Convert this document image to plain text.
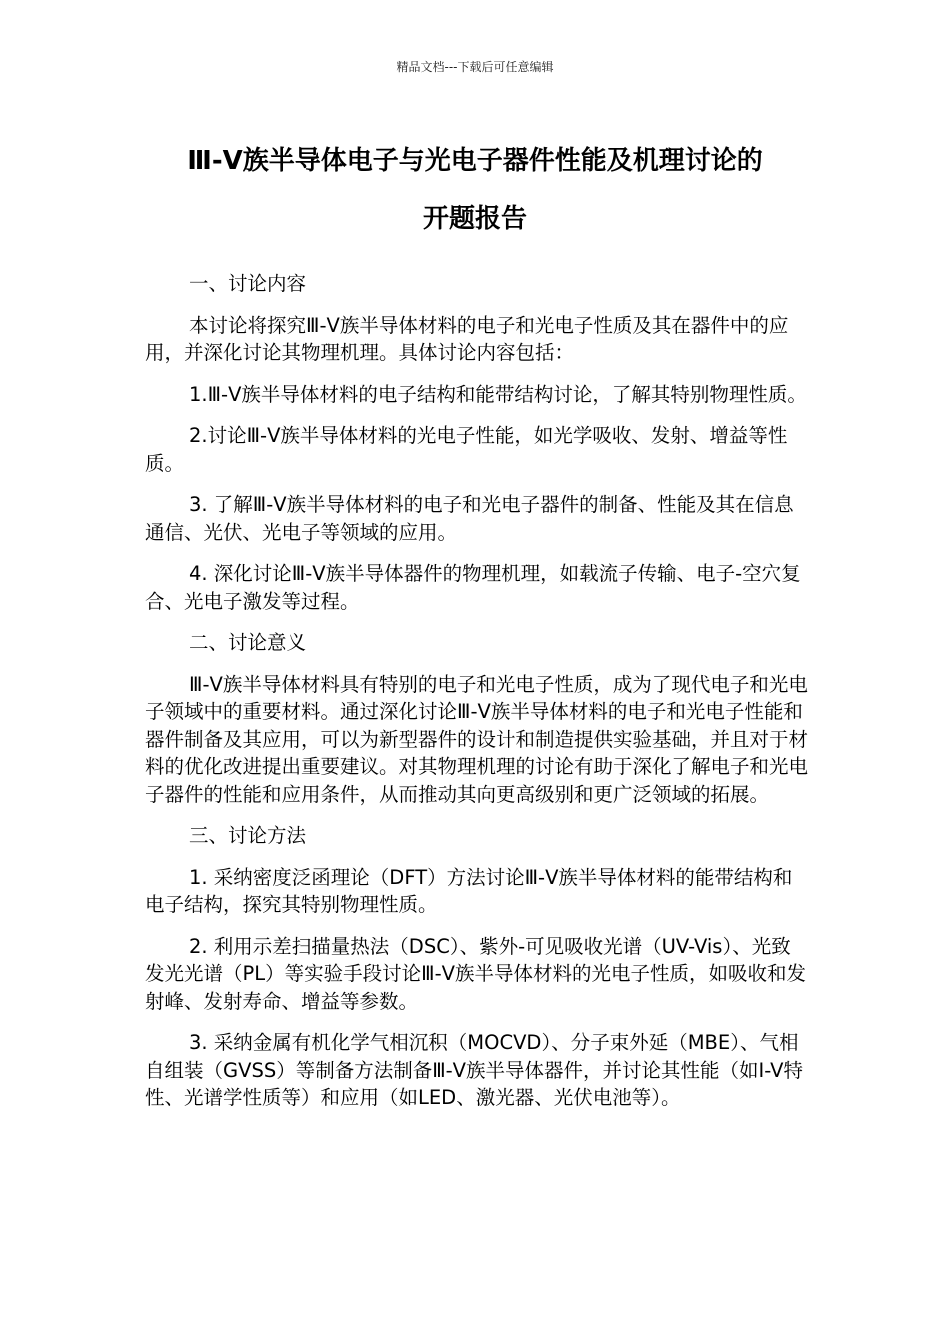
精品文档---下载后可任意编辑
Ⅲ-Ⅴ族半导体电子与光电子器件性能及机理讨论的
开题报告

一、讨论内容

本讨论将探究Ⅲ-Ⅴ族半导体材料的电子和光电子性质及其在器件中的应用，并深化讨论其物理机理。具体讨论内容包括：

1.Ⅲ-Ⅴ族半导体材料的电子结构和能带结构讨论，了解其特别物理性质。

2.讨论Ⅲ-Ⅴ族半导体材料的光电子性能，如光学吸收、发射、增益等性质。

3. 了解Ⅲ-Ⅴ族半导体材料的电子和光电子器件的制备、性能及其在信息通信、光伏、光电子等领域的应用。

4. 深化讨论Ⅲ-Ⅴ族半导体器件的物理机理，如载流子传输、电子-空穴复合、光电子激发等过程。

二、讨论意义

Ⅲ-Ⅴ族半导体材料具有特别的电子和光电子性质，成为了现代电子和光电子领域中的重要材料。通过深化讨论Ⅲ-Ⅴ族半导体材料的电子和光电子性能和器件制备及其应用，可以为新型器件的设计和制造提供实验基础，并且对于材料的优化改进提出重要建议。对其物理机理的讨论有助于深化了解电子和光电子器件的性能和应用条件，从而推动其向更高级别和更广泛领域的拓展。

三、讨论方法

1. 采纳密度泛函理论（DFT）方法讨论Ⅲ-Ⅴ族半导体材料的能带结构和电子结构，探究其特别物理性质。

2. 利用示差扫描量热法（DSC）、紫外-可见吸收光谱（UV-Vis）、光致发光光谱（PL）等实验手段讨论Ⅲ-Ⅴ族半导体材料的光电子性质，如吸收和发射峰、发射寿命、增益等参数。

3. 采纳金属有机化学气相沉积（MOCVD）、分子束外延（MBE）、气相自组装（GVSS）等制备方法制备Ⅲ-Ⅴ族半导体器件，并讨论其性能（如I-V特性、光谱学性质等）和应用（如LED、激光器、光伏电池等）。
